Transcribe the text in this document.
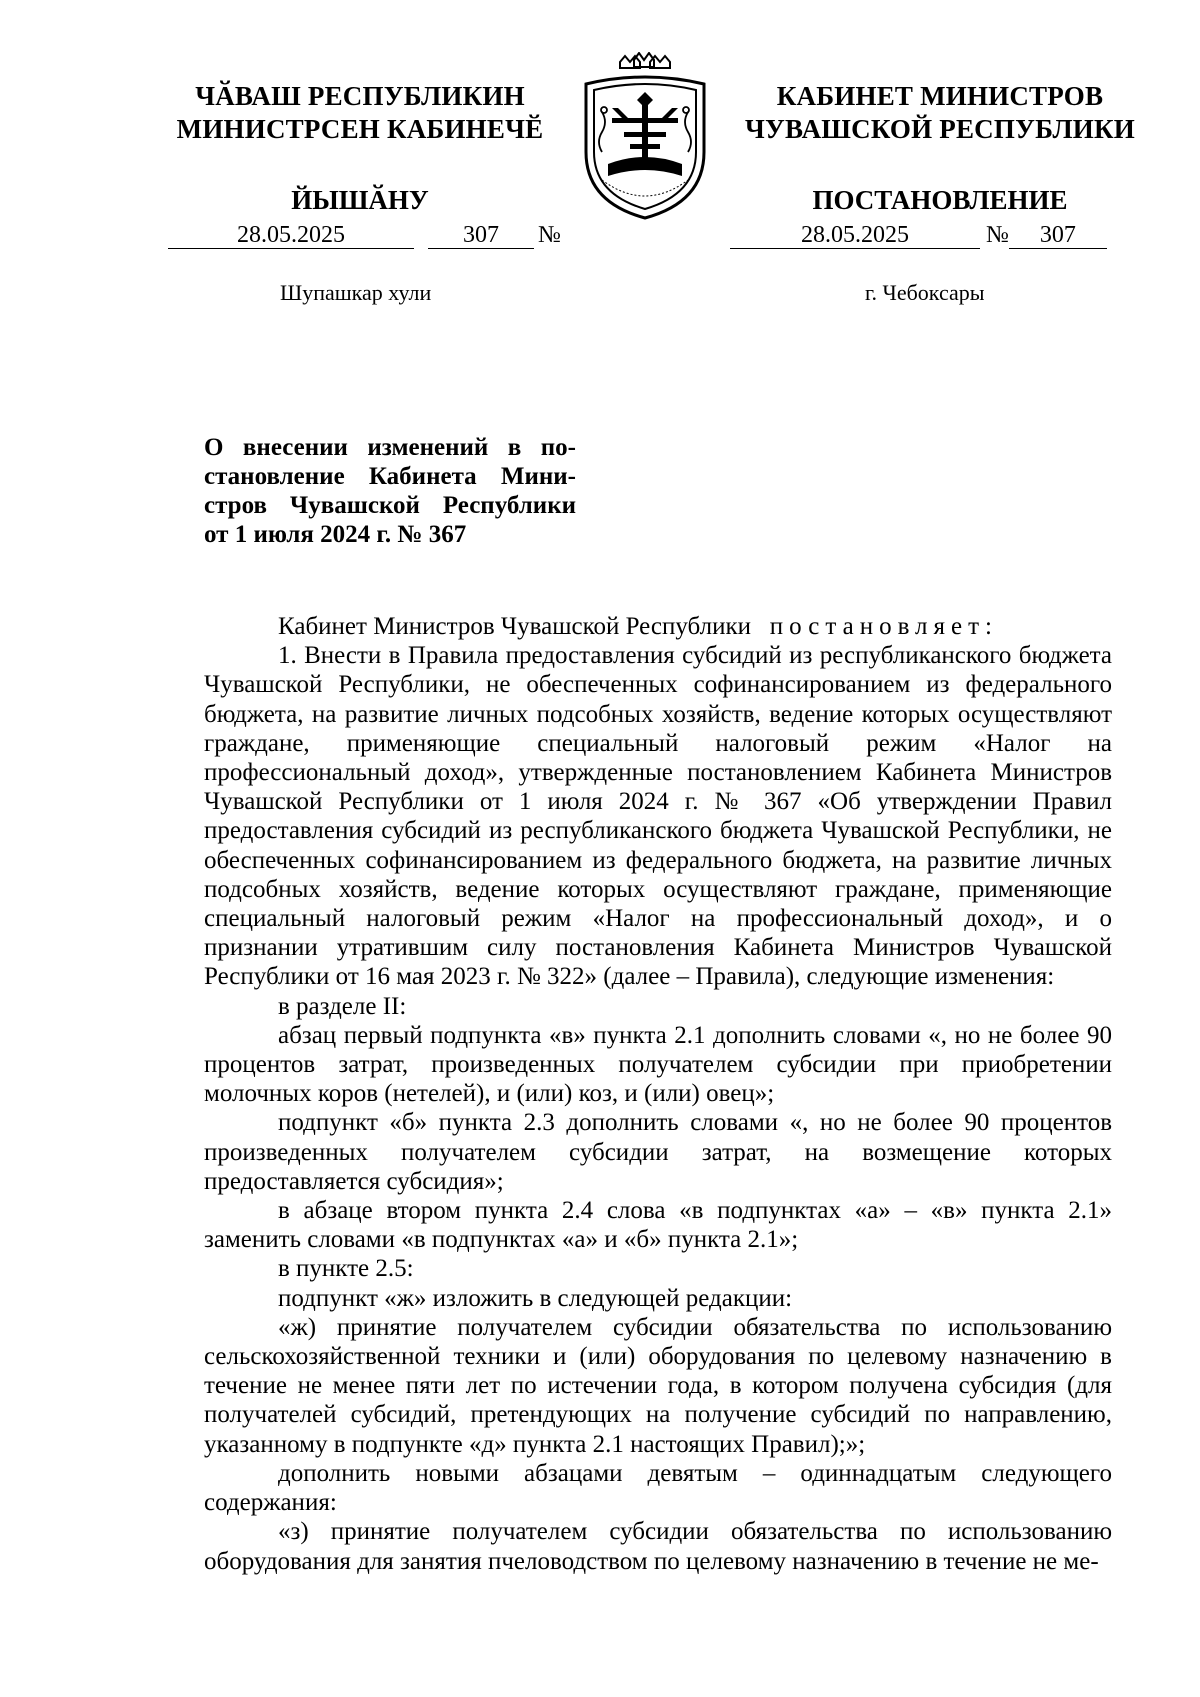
ЧӐВАШ РЕСПУБЛИКИН
МИНИСТРСЕН КАБИНЕЧӖ
ЙЫШӐНУ
КАБИНЕТ МИНИСТРОВ
ЧУВАШСКОЙ РЕСПУБЛИКИ
ПОСТАНОВЛЕНИЕ
28.05.2025	307 №	28.05.2025	№ 307
Шупашкар хули	г. Чебоксары
О внесении изменений в по-
становление Кабинета Мини-
стров Чувашской Республики
от 1 июля 2024 г. № 367

Кабинет Министров Чувашской Республики постановляет:

1. Внести в Правила предоставления субсидий из республиканского бюджета Чувашской Республики, не обеспеченных софинансированием из федерального бюджета, на развитие личных подсобных хозяйств, ведение которых осуществляют граждане, применяющие специальный налоговый режим «Налог на профессиональный доход», утвержденные постановлением Кабинета Министров Чувашской Республики от 1 июля 2024 г. № 367 «Об утверждении Правил предоставления субсидий из республиканского бюджета Чувашской Республики, не обеспеченных софинансированием из федерального бюджета, на развитие личных подсобных хозяйств, ведение которых осуществляют граждане, применяющие специальный налоговый режим «Налог на профессиональный доход», и о признании утратившим силу постановления Кабинета Министров Чувашской Республики от 16 мая 2023 г. № 322» (далее – Правила), следующие изменения:

в разделе II:

абзац первый подпункта «в» пункта 2.1 дополнить словами «, но не более 90 процентов затрат, произведенных получателем субсидии при приобретении молочных коров (нетелей), и (или) коз, и (или) овец»;

подпункт «б» пункта 2.3 дополнить словами «, но не более 90 процентов произведенных получателем субсидии затрат, на возмещение которых предоставляется субсидия»;

в абзаце втором пункта 2.4 слова «в подпунктах «а» – «в» пункта 2.1» заменить словами «в подпунктах «а» и «б» пункта 2.1»;

в пункте 2.5:

подпункт «ж» изложить в следующей редакции:

«ж) принятие получателем субсидии обязательства по использованию сельскохозяйственной техники и (или) оборудования по целевому назначению в течение не менее пяти лет по истечении года, в котором получена субсидия (для получателей субсидий, претендующих на получение субсидий по направлению, указанному в подпункте «д» пункта 2.1 настоящих Правил);»;

дополнить новыми абзацами девятым – одиннадцатым следующего содержания:

«з) принятие получателем субсидии обязательства по использованию оборудования для занятия пчеловодством по целевому назначению в течение не ме-
